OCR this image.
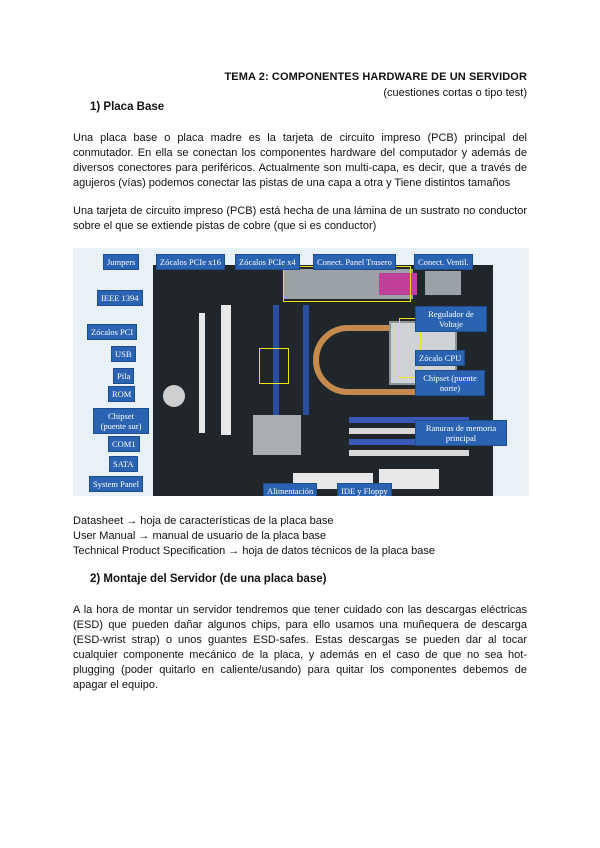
TEMA 2: COMPONENTES HARDWARE DE UN SERVIDOR
(cuestiones cortas o tipo test)
1) Placa Base
Una placa base o placa madre es la tarjeta de circuito impreso (PCB) principal del conmutador. En ella se conectan los componentes hardware del computador y además de diversos conectores para periféricos. Actualmente son multi-capa, es decir, que a través de agujeros (vías) podemos conectar las pistas de una capa a otra y Tiene distintos tamaños
Una tarjeta de circuito impreso (PCB) está hecha de una lámina de un sustrato no conductor sobre el que se extiende pistas de cobre (que si es conductor)
Jumpers	Zócalos PCIe x16	Zócalos PCIe x4	Conect. Panel Trasero	Conect. Ventil.
IEEE 1394
Zócalos PCI
USB
Pila
ROM
Chipset (puente sur)
COM1
SATA
System Panel
Regulador de Voltaje
Zócalo CPU
Chipset (puente norte)
Ranuras de memoria principal
Alimentación	IDE y Floppy
Datasheet → hoja de características de la placa base
User Manual → manual de usuario de la placa base
Technical Product Specification → hoja de datos técnicos de la placa base
2) Montaje del Servidor (de una placa base)
A la hora de montar un servidor tendremos que tener cuidado con las descargas eléctricas (ESD) que pueden dañar algunos chips, para ello usamos una muñequera de descarga (ESD-wrist strap) o unos guantes ESD-safes. Estas descargas se pueden dar al tocar cualquier componente mecánico de la placa, y además en el caso de que no sea hot-plugging (poder quitarlo en caliente/usando) para quitar los componentes debemos de apagar el equipo.
